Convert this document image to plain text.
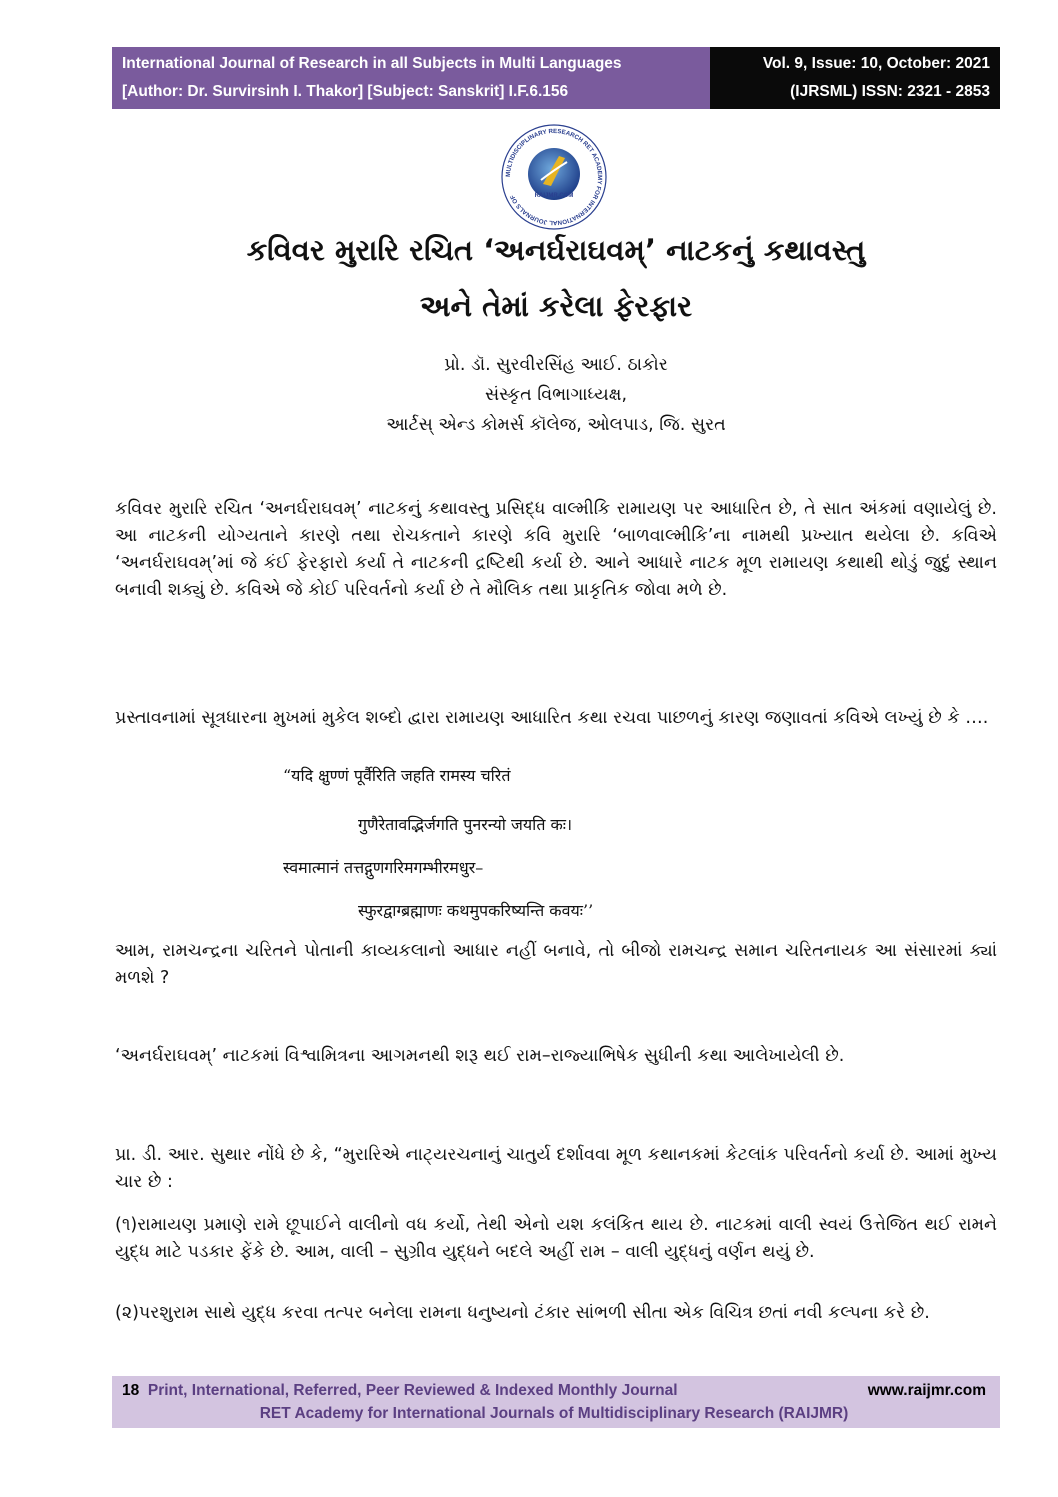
International Journal of Research in all Subjects in Multi Languages
[Author: Dr. Survirsinh I. Thakor] [Subject: Sanskrit] I.F.6.156
Vol. 9, Issue: 10, October: 2021
(IJRSML) ISSN: 2321 - 2853
MULTIDISCIPLINARY RESEARCH RET ACADEMY FOR INTERNATIONAL JOURNALS OF	RAIJMR.COM
કવિવર મુરારિ રચિત ‘અનર્ઘરાઘવમ્’ નાટકનું કથાવસ્તુ
અને તેમાં કરેલા ફેરફાર
પ્રો. ડૉ. સુરવીરસિંહ આઈ. ઠાકોર
સંસ્કૃત વિભાગાધ્યક્ષ,
આર્ટસ્ એન્ડ કોમર્સ કૉલેજ, ઓલપાડ, જિ. સુરત

કવિવર મુરારિ રચિત ‘અનર્ઘરાઘવમ્’ નાટકનું કથાવસ્તુ પ્રસિદ્ધ વાલ્મીકિ રામાયણ પર આધારિત છે, તે સાત અંકમાં વણાયેલું છે. આ નાટકની યોગ્યતાને કારણે તથા રોચકતાને કારણે કવિ મુરારિ ‘બાળવાલ્મીકિ’ના નામથી પ્રખ્યાત થયેલા છે. કવિએ ‘અનર્ઘરાઘવમ્’માં જે કંઈ ફેરફારો કર્યા તે નાટકની દ્રષ્ટિથી કર્યા છે. આને આધારે નાટક મૂળ રામાયણ કથાથી થોડું જુદું સ્થાન બનાવી શક્યું છે. કવિએ જે કોઈ પરિવર્તનો કર્યા છે તે મૌલિક તથા પ્રાકૃતિક જોવા મળે છે.

પ્રસ્તાવનામાં સૂત્રધારના મુખમાં મુકેલ શબ્દો દ્વારા રામાયણ આધારિત કથા રચવા પાછળનું કારણ જણાવતાં કવિએ લખ્યું છે કે ….

“यदि क्षुण्णं पूर्वैरिति जहति रामस्य चरितं
गुणैरेतावद्भिर्जगति पुनरन्यो जयति कः।
स्वमात्मानं तत्तद्गुणगरिमगम्भीरमधुर–
स्फुरद्वाग्ब्रह्माणः कथमुपकरिष्यन्ति कवयः’’

આમ, રામચન્દ્રના ચરિતને પોતાની કાવ્યકલાનો આધાર નહીં બનાવે, તો બીજો રામચન્દ્ર સમાન ચરિતનાયક આ સંસારમાં ક્યાં મળશે ?

‘અનર્ઘરાઘવમ્’ નાટકમાં વિશ્વામિત્રના આગમનથી શરૂ થઈ રામ–રાજ્યાભિષેક સુધીની કથા આલેખાયેલી છે.

પ્રા. ડી. આર. સુથાર નોંધે છે કે, “મુરારિએ નાટ્યરચનાનું ચાતુર્ય દર્શાવવા મૂળ કથાનકમાં કેટલાંક પરિવર્તનો કર્યા છે. આમાં મુખ્ય ચાર છે :

(૧)રામાયણ પ્રમાણે રામે છૂપાઈને વાલીનો વધ કર્યો, તેથી એનો યશ કલંકિત થાય છે. નાટકમાં વાલી સ્વયં ઉત્તેજિત થઈ રામને યુદ્ધ માટે પડકાર ફેંકે છે. આમ, વાલી – સુગ્રીવ યુદ્ધને બદલે અહીં રામ – વાલી યુદ્ધનું વર્ણન થયું છે.

(૨)પરશુરામ સાથે યુદ્ધ કરવા તત્પર બનેલા રામના ધનુષ્યનો ટંકાર સાંભળી સીતા એક વિચિત્ર છતાં નવી કલ્પના કરે છે.

18 Print, International, Referred, Peer Reviewed & Indexed Monthly Journal	www.raijmr.com
RET Academy for International Journals of Multidisciplinary Research (RAIJMR)
